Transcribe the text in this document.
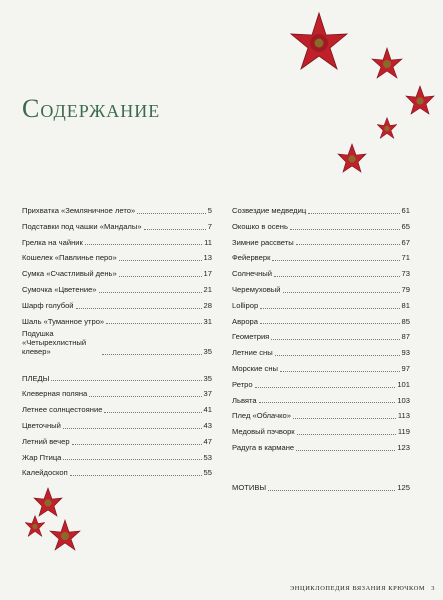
Содержание
Прихватка «Земляничное лето»	5
Подставки под чашки «Мандалы»	7
Грелка на чайник	11
Кошелек «Павлинье перо»	13
Сумка «Счастливый день»	17
Сумочка «Цветение»	21
Шарф голубой	28
Шаль «Туманное утро»	31
Подушка «Четырехлистный клевер»	35
ПЛЕДЫ	35
Клеверная поляна	37
Летнее солнцестояние	41
Цветочный	43
Летний вечер	47
Жар Птица	53
Калейдоскоп	55
Созвездие медведиц	61
Окошко в осень	65
Зимние рассветы	67
Фейерверк	71
Солнечный	73
Черемуховый	79
Lollipop	81
Аврора	85
Геометрия	87
Летние сны	93
Морские сны	97
Ретро	101
Львята	103
Плед «Облачко»	113
Медовый пэчворк	119
Радуга в кармане	123
МОТИВЫ	125
ЭНЦИКЛОПЕДИЯ ВЯЗАНИЯ КРЮЧКОМ 3
